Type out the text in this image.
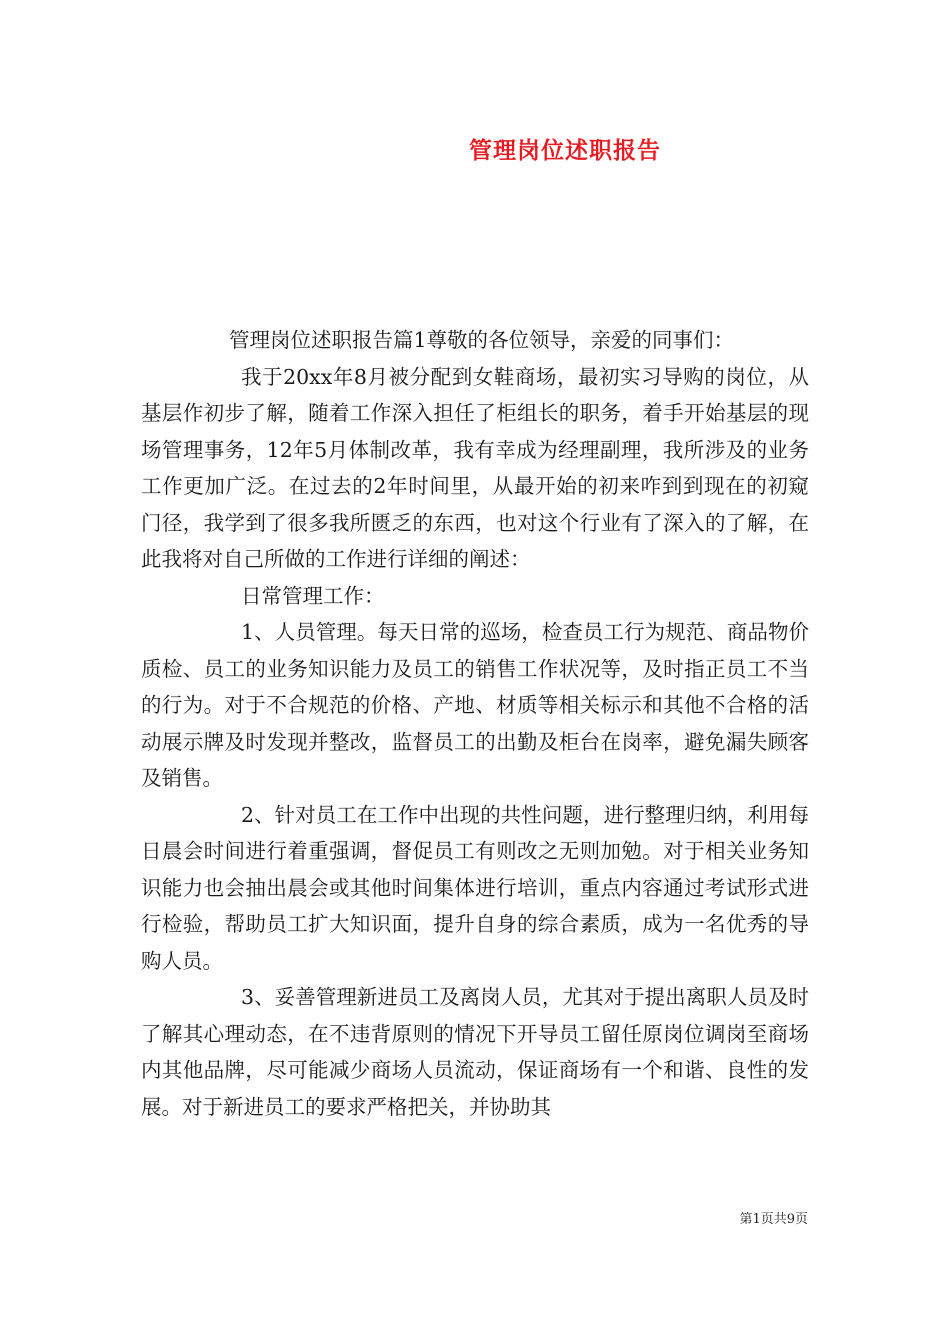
管理岗位述职报告

管理岗位述职报告篇1尊敬的各位领导，亲爱的同事们：

我于20xx年8月被分配到女鞋商场，最初实习导购的岗位，从基层作初步了解，随着工作深入担任了柜组长的职务，着手开始基层的现场管理事务，12年5月体制改革，我有幸成为经理副理，我所涉及的业务工作更加广泛。在过去的2年时间里，从最开始的初来咋到到现在的初窥门径，我学到了很多我所匮乏的东西，也对这个行业有了深入的了解，在此我将对自己所做的工作进行详细的阐述：

日常管理工作：

1、人员管理。每天日常的巡场，检查员工行为规范、商品物价质检、员工的业务知识能力及员工的销售工作状况等，及时指正员工不当的行为。对于不合规范的价格、产地、材质等相关标示和其他不合格的活动展示牌及时发现并整改，监督员工的出勤及柜台在岗率，避免漏失顾客及销售。

2、针对员工在工作中出现的共性问题，进行整理归纳，利用每日晨会时间进行着重强调，督促员工有则改之无则加勉。对于相关业务知识能力也会抽出晨会或其他时间集体进行培训，重点内容通过考试形式进行检验，帮助员工扩大知识面，提升自身的综合素质，成为一名优秀的导购人员。

3、妥善管理新进员工及离岗人员，尤其对于提出离职人员及时了解其心理动态，在不违背原则的情况下开导员工留任原岗位调岗至商场内其他品牌，尽可能减少商场人员流动，保证商场有一个和谐、良性的发展。对于新进员工的要求严格把关，并协助其

第1页共9页
